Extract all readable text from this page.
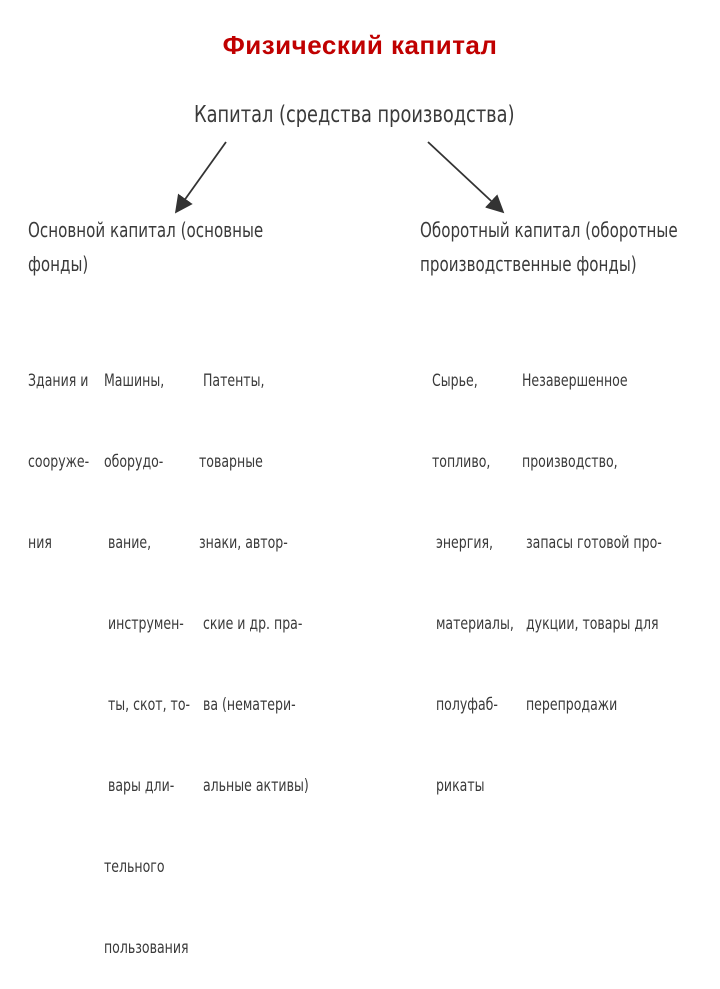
Физический капитал
Капитал (средства производства)
Основной капитал (основные
фонды)
Оборотный капитал (оборотные
производственные фонды)

Здания и

сооруже-

ния

Машины,

оборудо-

вание,

инструмен-

ты, скот, то-

вары дли-

тельного

пользования

Патенты,

товарные

знаки, автор-

ские и др. пра-

ва (нематери-

альные активы)

Сырье,

топливо,

энергия,

материалы,

полуфаб-

рикаты

Незавершенное

производство,

запасы готовой про-

дукции, товары для

перепродажи
